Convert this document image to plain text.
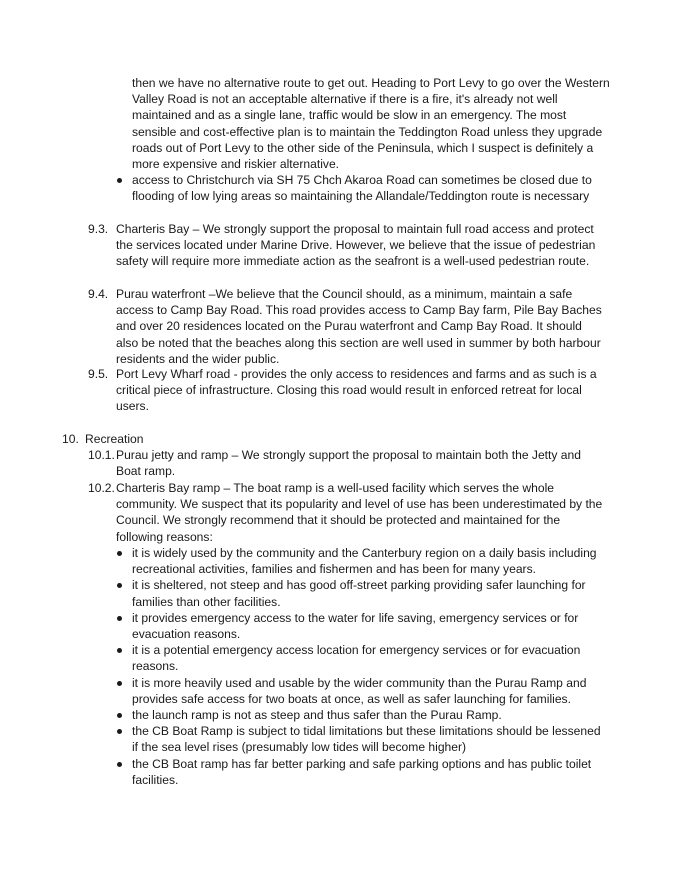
then we have no alternative route to get out. Heading to Port Levy to go over the Western Valley Road is not an acceptable alternative if there is a fire, it's already not well maintained and as a single lane, traffic would be slow in an emergency. The most sensible and cost-effective plan is to maintain the Teddington Road unless they upgrade roads out of Port Levy to the other side of the Peninsula, which I suspect is definitely a more expensive and riskier alternative.

access to Christchurch via SH 75 Chch Akaroa Road can sometimes be closed due to flooding of low lying areas so maintaining the Allandale/Teddington route is necessary
9.3. Charteris Bay – We strongly support the proposal to maintain full road access and protect the services located under Marine Drive. However, we believe that the issue of pedestrian safety will require more immediate action as the seafront is a well-used pedestrian route.

9.4. Purau waterfront –We believe that the Council should, as a minimum, maintain a safe access to Camp Bay Road. This road provides access to Camp Bay farm, Pile Bay Baches and over 20 residences located on the Purau waterfront and Camp Bay Road. It should also be noted that the beaches along this section are well used in summer by both harbour residents and the wider public.

9.5. Port Levy Wharf road - provides the only access to residences and farms and as such is a critical piece of infrastructure. Closing this road would result in enforced retreat for local users.

10. Recreation
10.1. Purau jetty and ramp – We strongly support the proposal to maintain both the Jetty and Boat ramp.

10.2. Charteris Bay ramp – The boat ramp is a well-used facility which serves the whole community. We suspect that its popularity and level of use has been underestimated by the Council. We strongly recommend that it should be protected and maintained for the following reasons:

it is widely used by the community and the Canterbury region on a daily basis including recreational activities, families and fishermen and has been for many years.
it is sheltered, not steep and has good off-street parking providing safer launching for families than other facilities.
it provides emergency access to the water for life saving, emergency services or for evacuation reasons.
it is a potential emergency access location for emergency services or for evacuation reasons.
it is more heavily used and usable by the wider community than the Purau Ramp and provides safe access for two boats at once, as well as safer launching for families.
the launch ramp is not as steep and thus safer than the Purau Ramp.
the CB Boat Ramp is subject to tidal limitations but these limitations should be lessened if the sea level rises (presumably low tides will become higher)
the CB Boat ramp has far better parking and safe parking options and has public toilet facilities.
